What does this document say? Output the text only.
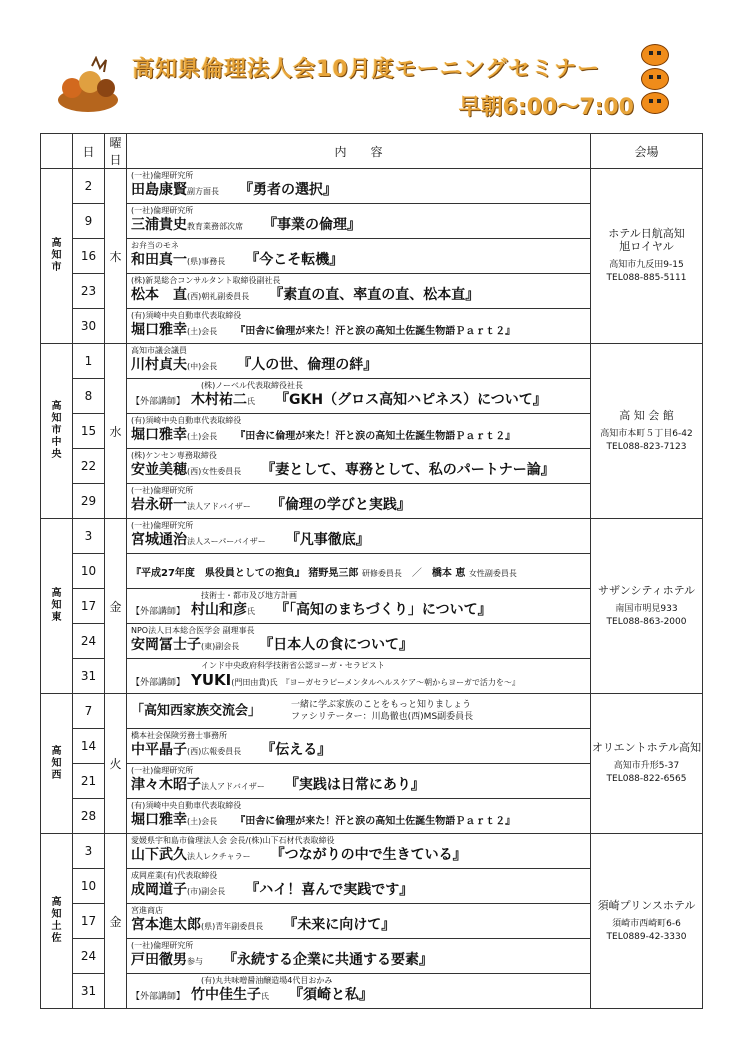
高知県倫理法人会10月度モーニングセミナー
早朝6:00〜7:00
	日	曜日	内　　容	会場

高
知
市	2	木	(一社)倫理研究所
田島康賢副方面長 『勇者の選択』	ホテル日航高知
旭ロイヤル
高知市九反田9-15
TEL088-885-5111

	9		(一社)倫理研究所
三浦貴史教育業務部次席 『事業の倫理』	

	16		お弁当のモネ
和田真一(県)事務長 『今こそ転機』	

	23		(株)新晃総合コンサルタント取締役副社長
松本　直(西)朝礼副委員長 『素直の直、率直の直、松本直』	

	30		(有)須崎中央自動車代表取締役
堀口雅幸(土)会長 『田舎に倫理が来た！汗と涙の高知土佐誕生物語Ｐａｒｔ２』	

高
知
市
中
央	1	水	高知市議会議員
川村貞夫(中)会長 『人の世、倫理の絆』	高 知 会 館
高知市本町５丁目6-42
TEL088-823-7123

	8		(株)ノーベル代表取締役社長
【外部講師】 木村祐二氏 『GKH（グロス高知ハピネス）について』	

	15		(有)須崎中央自動車代表取締役
堀口雅幸(土)会長 『田舎に倫理が来た！汗と涙の高知土佐誕生物語Ｐａｒｔ２』	

	22		(株)ケンセン専務取締役
安並美穂(西)女性委員長 『妻として、専務として、私のパートナー論』	

	29		(一社)倫理研究所
岩永研一法人アドバイザー 『倫理の学びと実践』	

高
知
東	3	金	(一社)倫理研究所
宮城通治法人スーパーバイザー 『凡事徹底』	サザンシティホテル
南国市明見933
TEL088-863-2000

	10		『平成27年度　県役員としての抱負』 猪野晃三郎 研修委員長　 ／　 橋本 恵 女性副委員長	

	17		技術士・都市及び地方計画
【外部講師】 村山和彦氏 『「高知のまちづくり」について』	

	24		NPO法人日本総合医学会 副理事長
安岡冨士子(東)副会長 『日本人の食について』	

	31		インド中央政府科学技術省公認ヨーガ・セラピスト
【外部講師】 YUKI(門田由貴)氏 『ヨーガセラピーメンタルヘルスケア〜朝からヨーガで活力を〜』	

高
知
西	7	火	「高知西家族交流会」 一緒に学ぶ家族のことをもっと知りましょう
ファシリテーター：川島徹也(西)MS副委員長	オリエントホテル高知
高知市升形5-37
TEL088-822-6565

	14		橋本社会保険労務士事務所
中平晶子(西)広報委員長 『伝える』	

	21		(一社)倫理研究所
津々木昭子法人アドバイザー 『実践は日常にあり』	

	28		(有)須崎中央自動車代表取締役
堀口雅幸(土)会長 『田舎に倫理が来た！汗と涙の高知土佐誕生物語Ｐａｒｔ２』	

高
知
土
佐	3	金	愛媛県宇和島市倫理法人会 会長/(株)山下石材代表取締役
山下武久法人レクチャラー 『つながりの中で生きている』	須崎プリンスホテル
須崎市西崎町6-6
TEL0889-42-3330

	10		成岡産業(有)代表取締役
成岡道子(市)副会長 『ハイ！喜んで実践です』	

	17		宮進商店
宮本進太郎(県)青年副委員長 『未来に向けて』	

	24		(一社)倫理研究所
戸田徹男参与 『永続する企業に共通する要素』	

	31		(有)丸共味噌醤油醸造場4代目おかみ
【外部講師】 竹中佳生子氏 『須崎と私』	
